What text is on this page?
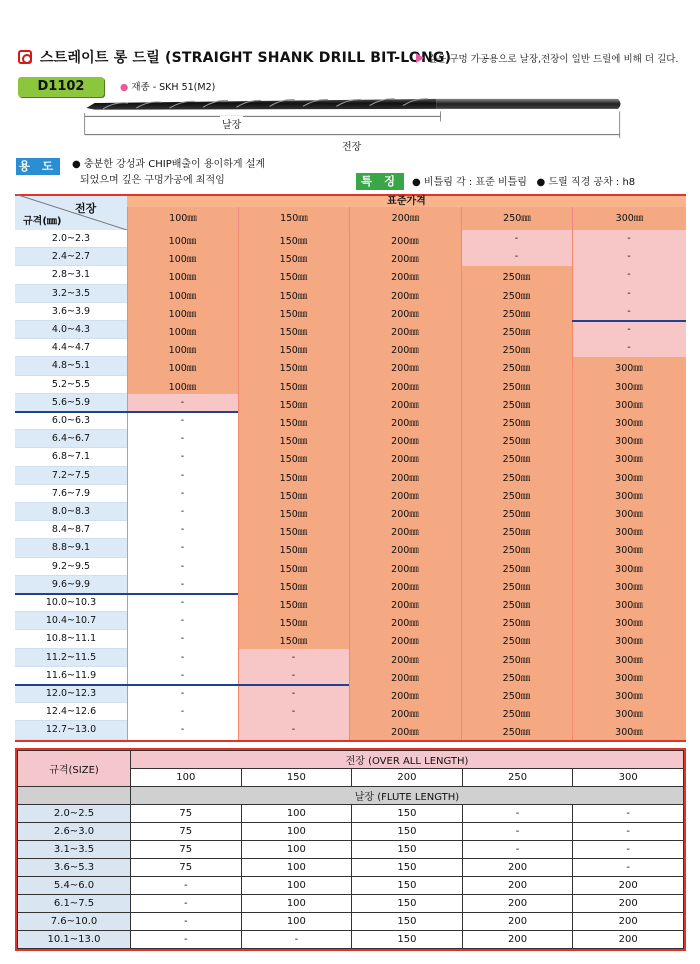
스트레이트 롱 드릴 (STRAIGHT SHANK DRILL BIT-LONG)
깊은 구멍 가공용으로 날장,전장이 일반 드릴에 비해 더 길다.
D1102	● 재종 - SKH 51(M2)
날장
전장
용 도 ● 충분한 강성과 CHIP배출이 용이하게 설계
되었으며 깊은 구멍가공에 최적임	특 징	● 비틀림 각 : 표준 비틀림 ● 드릴 직경 공차 : h8
전장
규격(㎜)
표준가격
100㎜	150㎜	200㎜	250㎜	300㎜
2.0~2.3	100㎜	150㎜	200㎜	-	-
2.4~2.7	100㎜	150㎜	200㎜	-	-
2.8~3.1	100㎜	150㎜	200㎜	250㎜	-
3.2~3.5	100㎜	150㎜	200㎜	250㎜	-
3.6~3.9	100㎜	150㎜	200㎜	250㎜	-
4.0~4.3	100㎜	150㎜	200㎜	250㎜	-
4.4~4.7	100㎜	150㎜	200㎜	250㎜	-
4.8~5.1	100㎜	150㎜	200㎜	250㎜	300㎜
5.2~5.5	100㎜	150㎜	200㎜	250㎜	300㎜
5.6~5.9	-	150㎜	200㎜	250㎜	300㎜
6.0~6.3	-	150㎜	200㎜	250㎜	300㎜
6.4~6.7	-	150㎜	200㎜	250㎜	300㎜
6.8~7.1	-	150㎜	200㎜	250㎜	300㎜
7.2~7.5	-	150㎜	200㎜	250㎜	300㎜
7.6~7.9	-	150㎜	200㎜	250㎜	300㎜
8.0~8.3	-	150㎜	200㎜	250㎜	300㎜
8.4~8.7	-	150㎜	200㎜	250㎜	300㎜
8.8~9.1	-	150㎜	200㎜	250㎜	300㎜
9.2~9.5	-	150㎜	200㎜	250㎜	300㎜
9.6~9.9	-	150㎜	200㎜	250㎜	300㎜
10.0~10.3	-	150㎜	200㎜	250㎜	300㎜
10.4~10.7	-	150㎜	200㎜	250㎜	300㎜
10.8~11.1	-	150㎜	200㎜	250㎜	300㎜
11.2~11.5	-	-	200㎜	250㎜	300㎜
11.6~11.9	-	-	200㎜	250㎜	300㎜
12.0~12.3	-	-	200㎜	250㎜	300㎜
12.4~12.6	-	-	200㎜	250㎜	300㎜
12.7~13.0	-	-	200㎜	250㎜	300㎜
규격(SIZE)	전장 (OVER ALL LENGTH)				
	100	150	200	250	300
	날장 (FLUTE LENGTH)				
2.0~2.5	75	100	150	-	-
2.6~3.0	75	100	150	-	-
3.1~3.5	75	100	150	-	-
3.6~5.3	75	100	150	200	-
5.4~6.0	-	100	150	200	200
6.1~7.5	-	100	150	200	200
7.6~10.0	-	100	150	200	200
10.1~13.0	-	-	150	200	200
